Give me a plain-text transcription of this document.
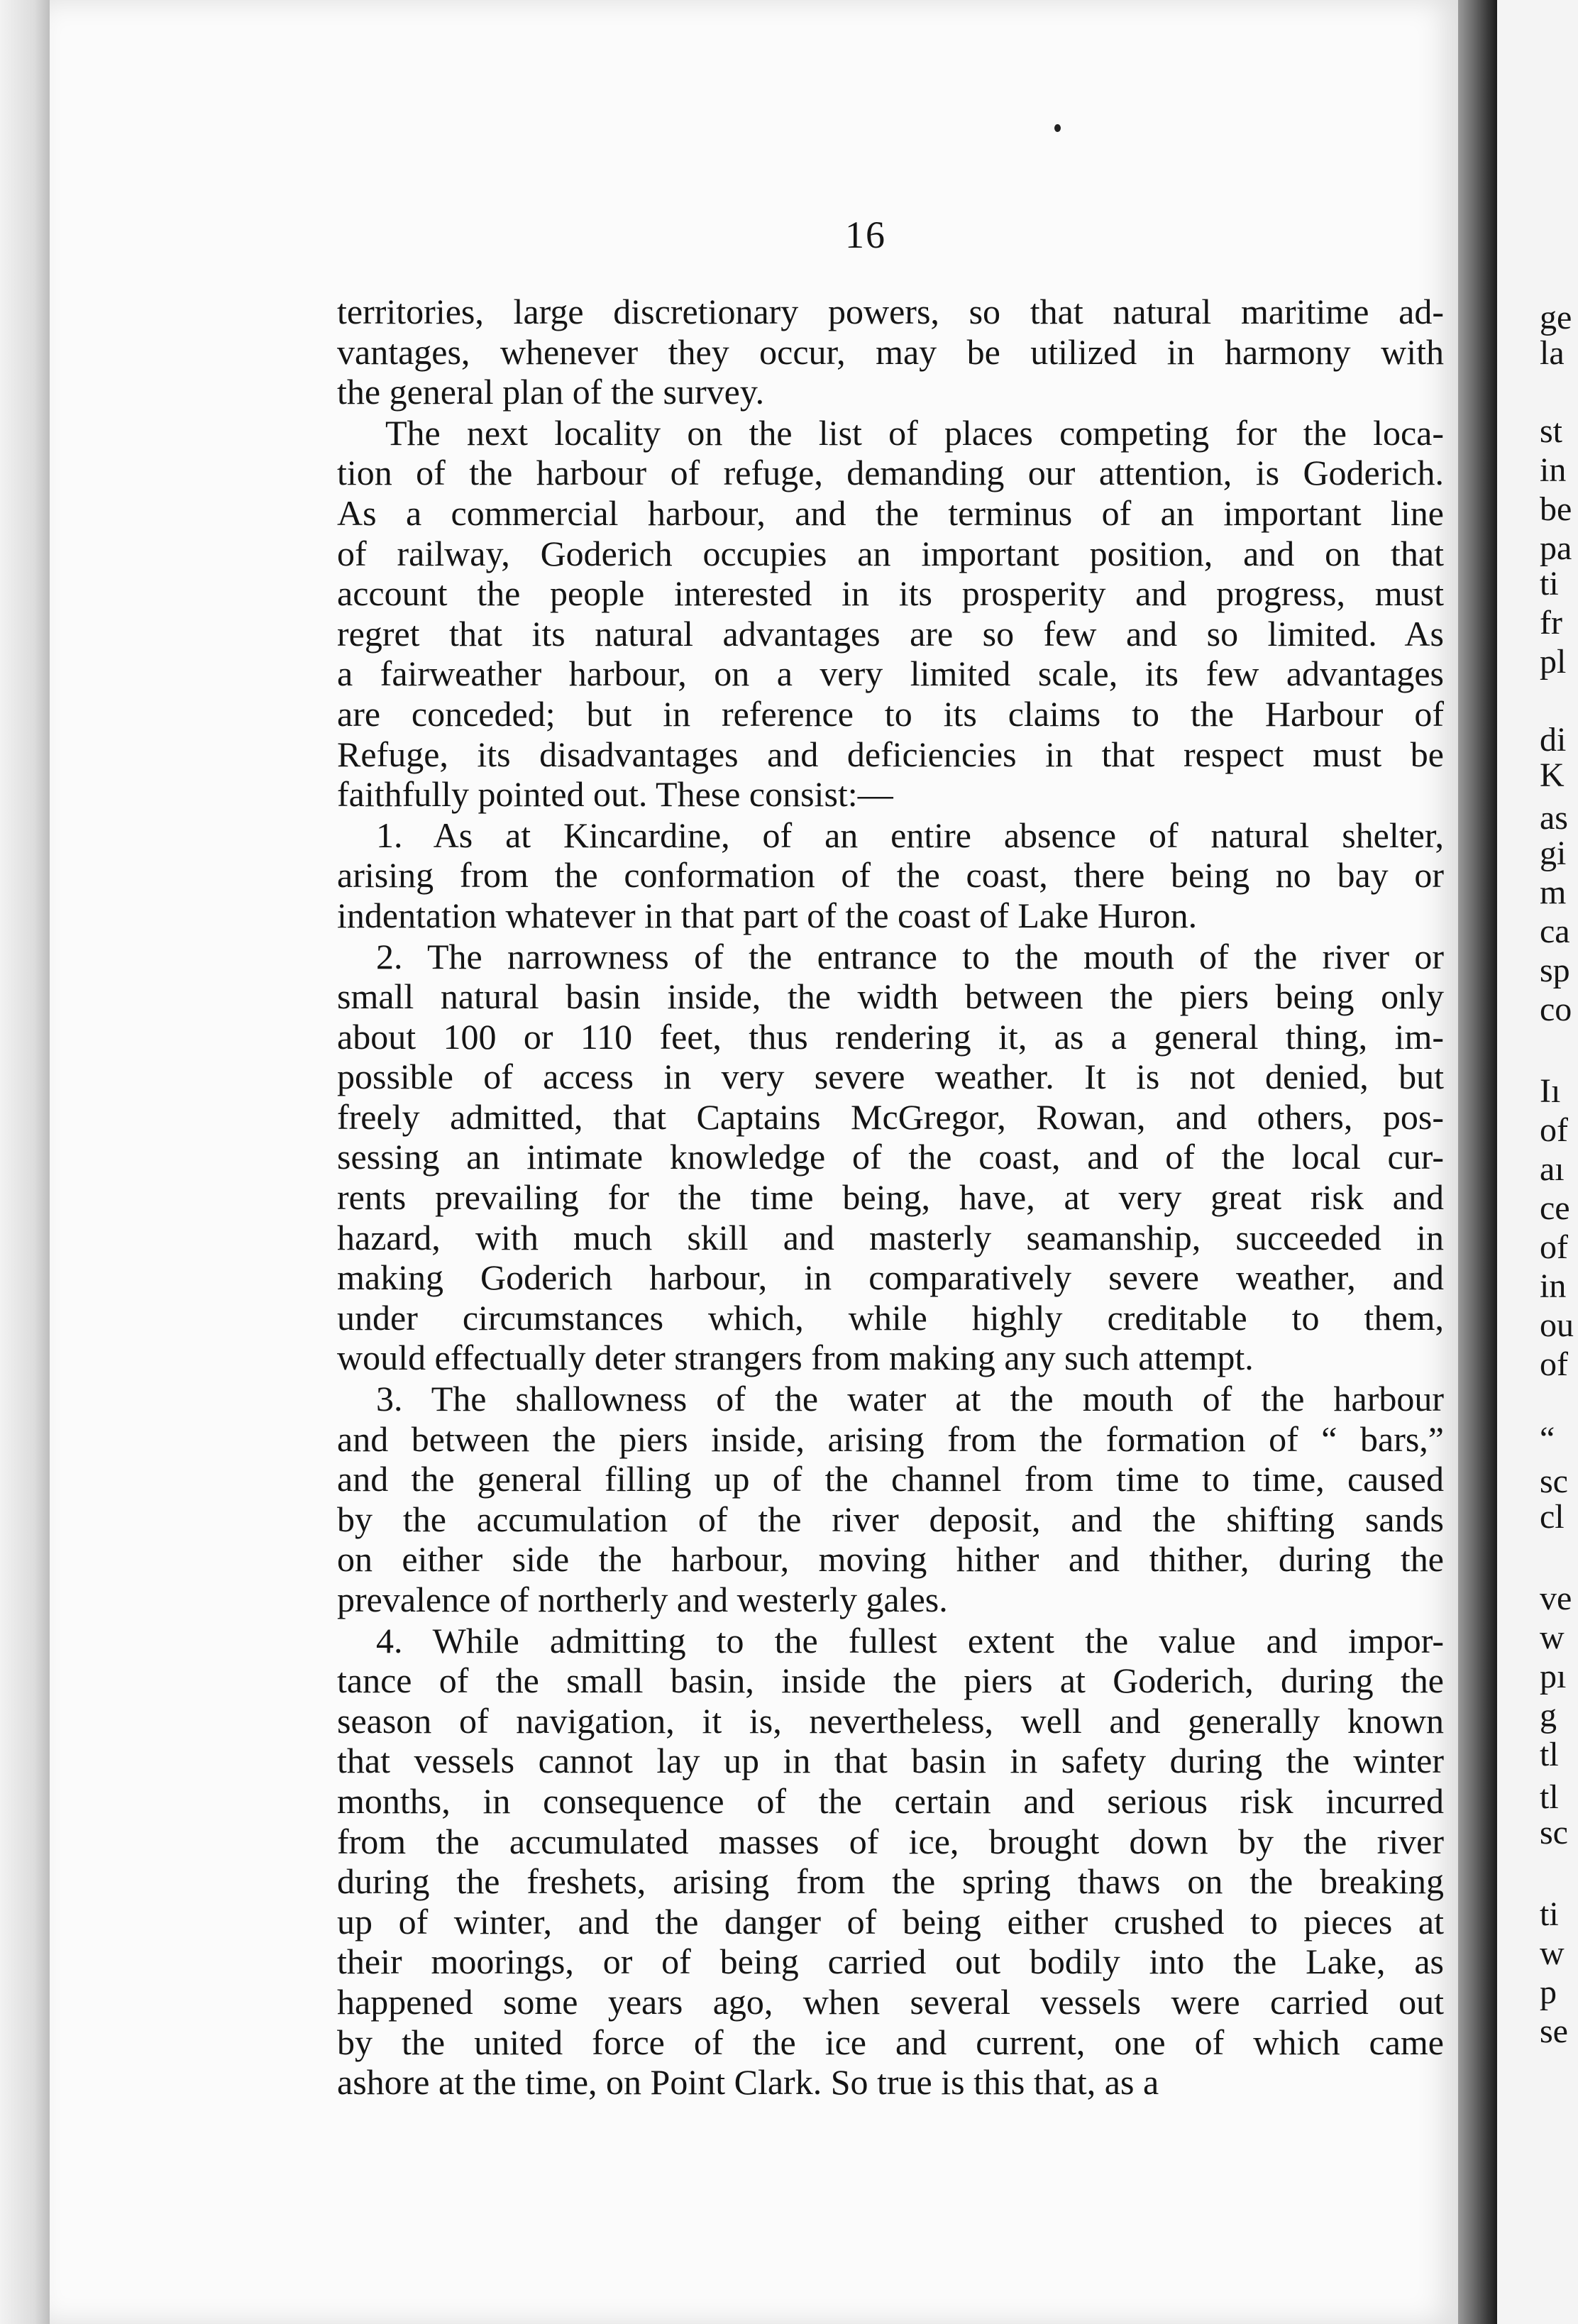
16

territories, large discretionary powers, so that natural maritime ad-

vantages, whenever they occur, may be utilized in harmony with

the general plan of the survey.

The next locality on the list of places competing for the loca-

tion of the harbour of refuge, demanding our attention, is Goderich.

As a commercial harbour, and the terminus of an important line

of railway, Goderich occupies an important position, and on that

account the people interested in its prosperity and progress, must

regret that its natural advantages are so few and so limited. As

a fairweather harbour, on a very limited scale, its few advantages

are conceded; but in reference to its claims to the Harbour of

Refuge, its disadvantages and deficiencies in that respect must be

faithfully pointed out. These consist:—

1. As at Kincardine, of an entire absence of natural shelter,

arising from the conformation of the coast, there being no bay or

indentation whatever in that part of the coast of Lake Huron.

2. The narrowness of the entrance to the mouth of the river or

small natural basin inside, the width between the piers being only

about 100 or 110 feet, thus rendering it, as a general thing, im-

possible of access in very severe weather. It is not denied, but

freely admitted, that Captains McGregor, Rowan, and others, pos-

sessing an intimate knowledge of the coast, and of the local cur-

rents prevailing for the time being, have, at very great risk and

hazard, with much skill and masterly seamanship, succeeded in

making Goderich harbour, in comparatively severe weather, and

under circumstances which, while highly creditable to them,

would effectually deter strangers from making any such attempt.

3. The shallowness of the water at the mouth of the harbour

and between the piers inside, arising from the formation of “ bars,”

and the general filling up of the channel from time to time, caused

by the accumulation of the river deposit, and the shifting sands

on either side the harbour, moving hither and thither, during the

prevalence of northerly and westerly gales.

4. While admitting to the fullest extent the value and impor-

tance of the small basin, inside the piers at Goderich, during the

season of navigation, it is, nevertheless, well and generally known

that vessels cannot lay up in that basin in safety during the winter

months, in consequence of the certain and serious risk incurred

from the accumulated masses of ice, brought down by the river

during the freshets, arising from the spring thaws on the breaking

up of winter, and the danger of being either crushed to pieces at

their moorings, or of being carried out bodily into the Lake, as

happened some years ago, when several vessels were carried out

by the united force of the ice and current, one of which came

ashore at the time, on Point Clark. So true is this that, as a

ge
la
st
in
be
pa
ti
fr
pl
di
K
as
gi
m
ca
sp
co
Iı
of
aı
ce
of
in
ou
of
“
sc
cl
ve
w
pı
g
tl
tl
sc
ti
w
p
se
